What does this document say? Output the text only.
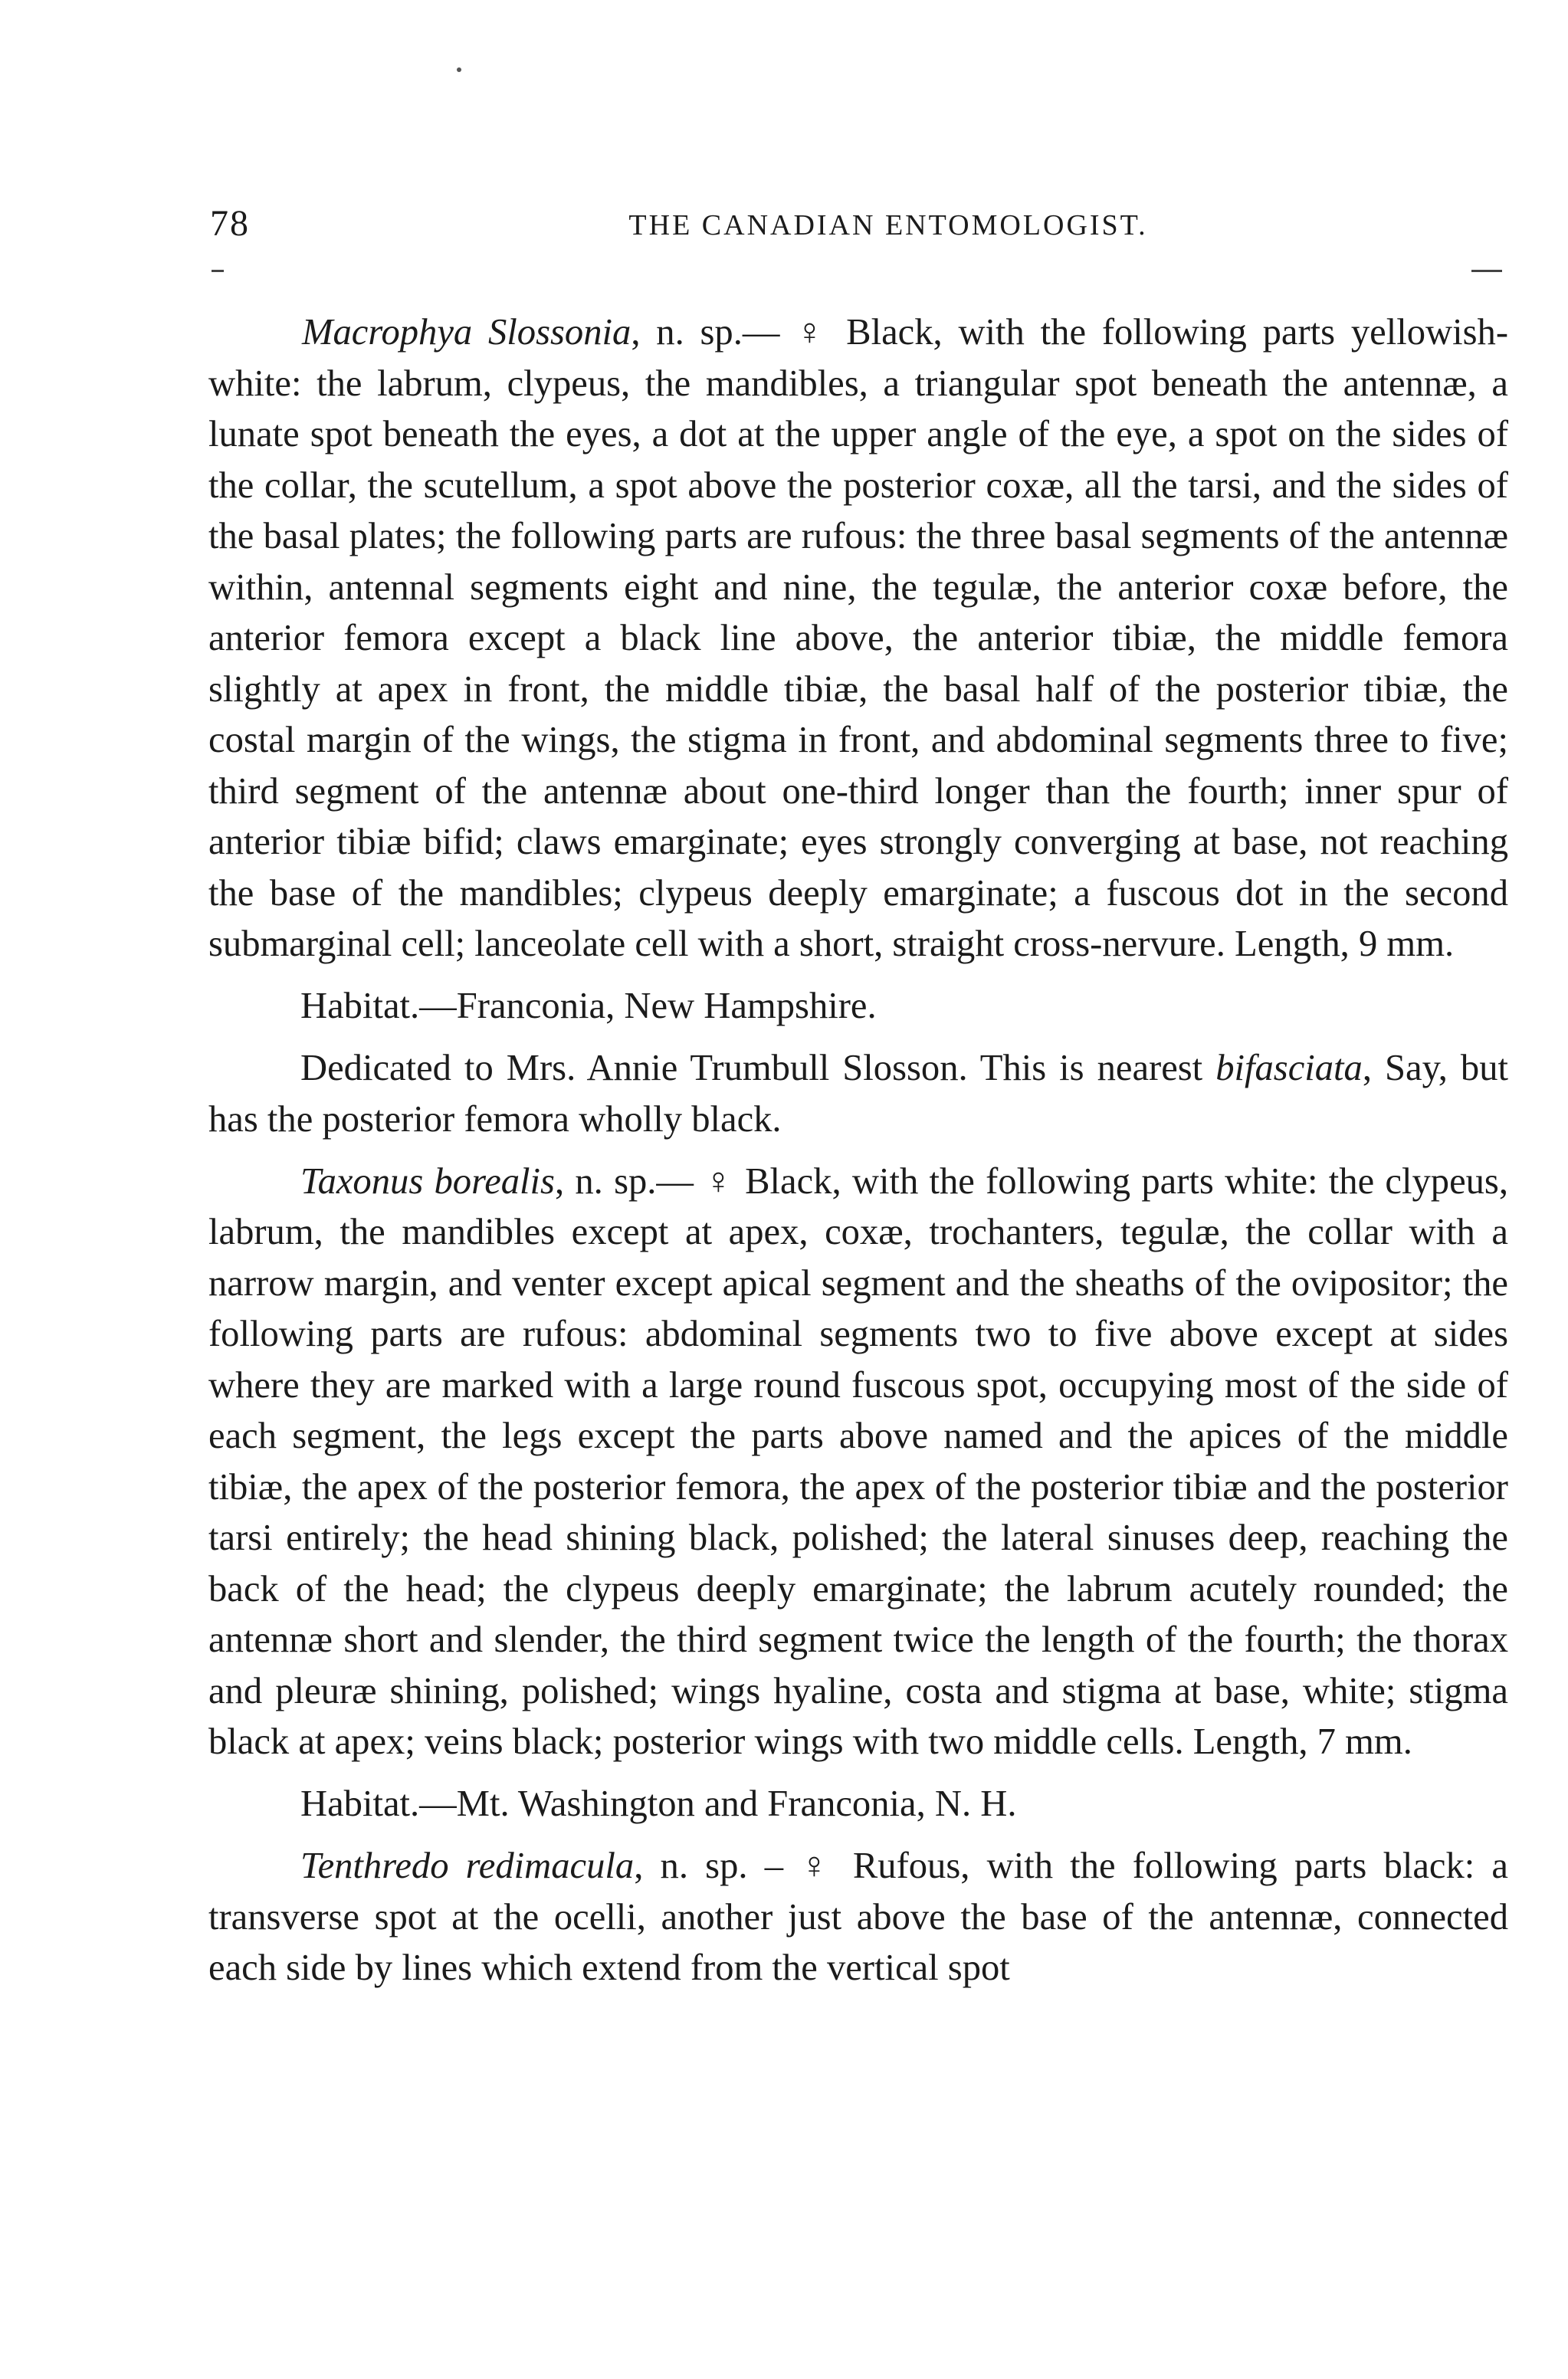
78	THE CANADIAN ENTOMOLOGIST.

Macrophya Slossonia, n. sp.— ♀ Black, with the following parts yellowish-white: the labrum, clypeus, the mandibles, a triangular spot beneath the antennæ, a lunate spot beneath the eyes, a dot at the upper angle of the eye, a spot on the sides of the collar, the scutellum, a spot above the posterior coxæ, all the tarsi, and the sides of the basal plates; the following parts are rufous: the three basal segments of the antennæ within, antennal segments eight and nine, the tegulæ, the anterior coxæ before, the anterior femora except a black line above, the anterior tibiæ, the middle femora slightly at apex in front, the middle tibiæ, the basal half of the posterior tibiæ, the costal margin of the wings, the stigma in front, and abdominal segments three to five; third segment of the antennæ about one-third longer than the fourth; inner spur of anterior tibiæ bifid; claws emarginate; eyes strongly converging at base, not reaching the base of the mandibles; clypeus deeply emarginate; a fuscous dot in the second submarginal cell; lanceolate cell with a short, straight cross-nervure. Length, 9 mm.

Habitat.—Franconia, New Hampshire.

Dedicated to Mrs. Annie Trumbull Slosson. This is nearest bifasciata, Say, but has the posterior femora wholly black.

Taxonus borealis, n. sp.— ♀ Black, with the following parts white: the clypeus, labrum, the mandibles except at apex, coxæ, trochanters, tegulæ, the collar with a narrow margin, and venter except apical segment and the sheaths of the ovipositor; the following parts are rufous: abdominal segments two to five above except at sides where they are marked with a large round fuscous spot, occupying most of the side of each segment, the legs except the parts above named and the apices of the middle tibiæ, the apex of the posterior femora, the apex of the posterior tibiæ and the posterior tarsi entirely; the head shining black, polished; the lateral sinuses deep, reaching the back of the head; the clypeus deeply emarginate; the labrum acutely rounded; the antennæ short and slender, the third segment twice the length of the fourth; the thorax and pleuræ shining, polished; wings hyaline, costa and stigma at base, white; stigma black at apex; veins black; posterior wings with two middle cells. Length, 7 mm.

Habitat.—Mt. Washington and Franconia, N. H.

Tenthredo redimacula, n. sp. – ♀ Rufous, with the following parts black: a transverse spot at the ocelli, another just above the base of the antennæ, connected each side by lines which extend from the vertical spot
